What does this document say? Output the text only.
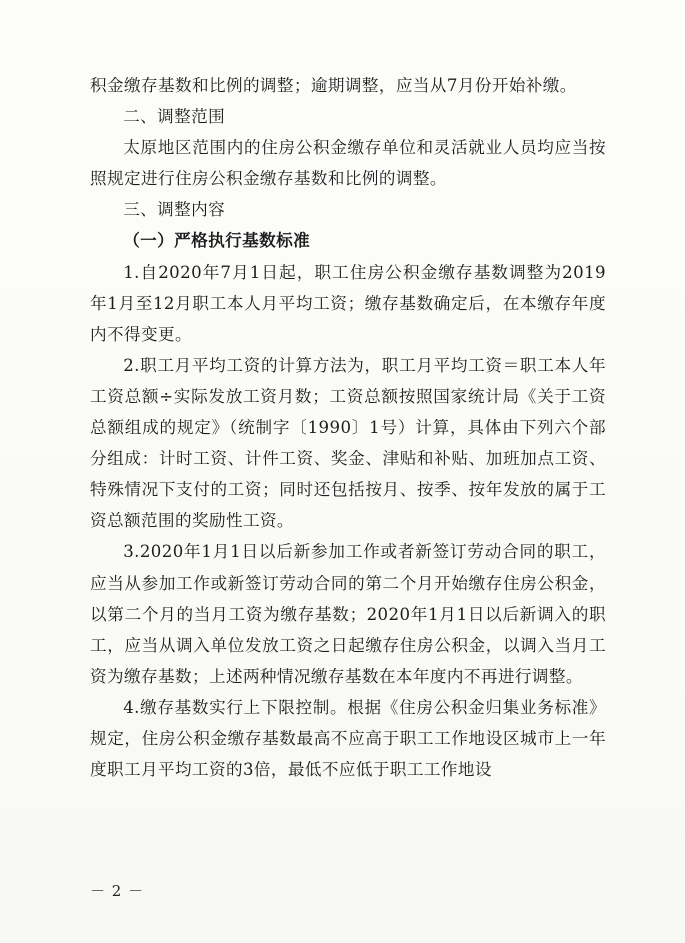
积金缴存基数和比例的调整；逾期调整，应当从7月份开始补缴。

二、调整范围

太原地区范围内的住房公积金缴存单位和灵活就业人员均应当按照规定进行住房公积金缴存基数和比例的调整。

三、调整内容

（一）严格执行基数标准

1.自2020年7月1日起，职工住房公积金缴存基数调整为2019年1月至12月职工本人月平均工资；缴存基数确定后，在本缴存年度内不得变更。

2.职工月平均工资的计算方法为，职工月平均工资＝职工本人年工资总额÷实际发放工资月数；工资总额按照国家统计局《关于工资总额组成的规定》（统制字〔1990〕1号）计算，具体由下列六个部分组成：计时工资、计件工资、奖金、津贴和补贴、加班加点工资、特殊情况下支付的工资；同时还包括按月、按季、按年发放的属于工资总额范围的奖励性工资。

3.2020年1月1日以后新参加工作或者新签订劳动合同的职工，应当从参加工作或新签订劳动合同的第二个月开始缴存住房公积金，以第二个月的当月工资为缴存基数；2020年1月1日以后新调入的职工，应当从调入单位发放工资之日起缴存住房公积金，以调入当月工资为缴存基数；上述两种情况缴存基数在本年度内不再进行调整。

4.缴存基数实行上下限控制。根据《住房公积金归集业务标准》规定，住房公积金缴存基数最高不应高于职工工作地设区城市上一年度职工月平均工资的3倍，最低不应低于职工工作地设

－ 2 －
